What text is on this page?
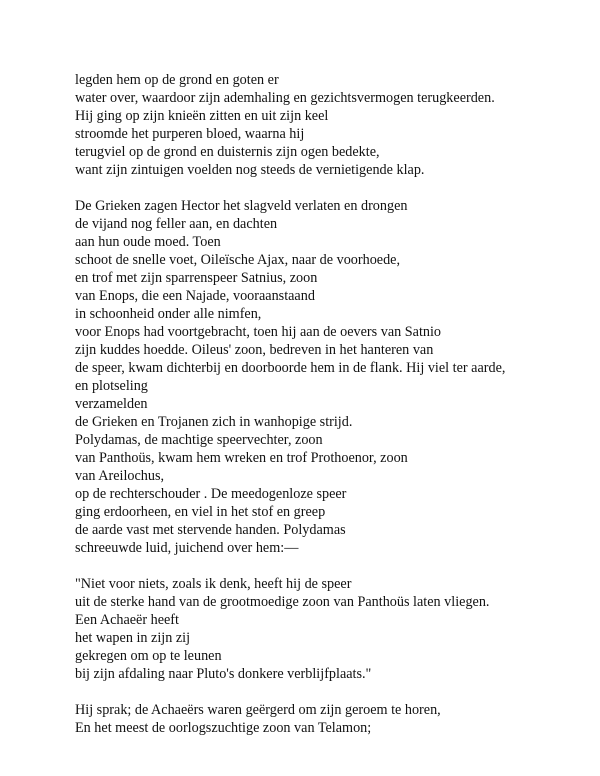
legden hem op de grond en goten er
water over, waardoor zijn ademhaling en gezichtsvermogen terugkeerden.
Hij ging op zijn knieën zitten en uit zijn keel
stroomde het purperen bloed, waarna hij
terugviel op de grond en duisternis zijn ogen bedekte,
want zijn zintuigen voelden nog steeds de vernietigende klap.

De Grieken zagen Hector het slagveld verlaten en drongen
de vijand nog feller aan, en dachten
aan hun oude moed. Toen
schoot de snelle voet, Oileïsche Ajax, naar de voorhoede,
en trof met zijn sparrenspeer Satnius, zoon
van Enops, die een Najade, vooraanstaand
in schoonheid onder alle nimfen,
voor Enops had voortgebracht, toen hij aan de oevers van Satnio
zijn kuddes hoedde. Oileus' zoon, bedreven in het hanteren van
de speer, kwam dichterbij en doorboorde hem in de flank. Hij viel ter aarde,
en plotseling
verzamelden
de Grieken en Trojanen zich in wanhopige strijd.
Polydamas, de machtige speervechter, zoon
van Panthoüs, kwam hem wreken en trof Prothoenor, zoon
van Areilochus,
op de rechterschouder . De meedogenloze speer
ging erdoorheen, en viel in het stof en greep
de aarde vast met stervende handen. Polydamas
schreeuwde luid, juichend over hem:—

"Niet voor niets, zoals ik denk, heeft hij de speer
uit de sterke hand van de grootmoedige zoon van Panthoüs laten vliegen.
Een Achaeër heeft
het wapen in zijn zij
gekregen om op te leunen
bij zijn afdaling naar Pluto's donkere verblijfplaats."

Hij sprak; de Achaeërs waren geërgerd om zijn geroem te horen,
En het meest de oorlogszuchtige zoon van Telamon;
